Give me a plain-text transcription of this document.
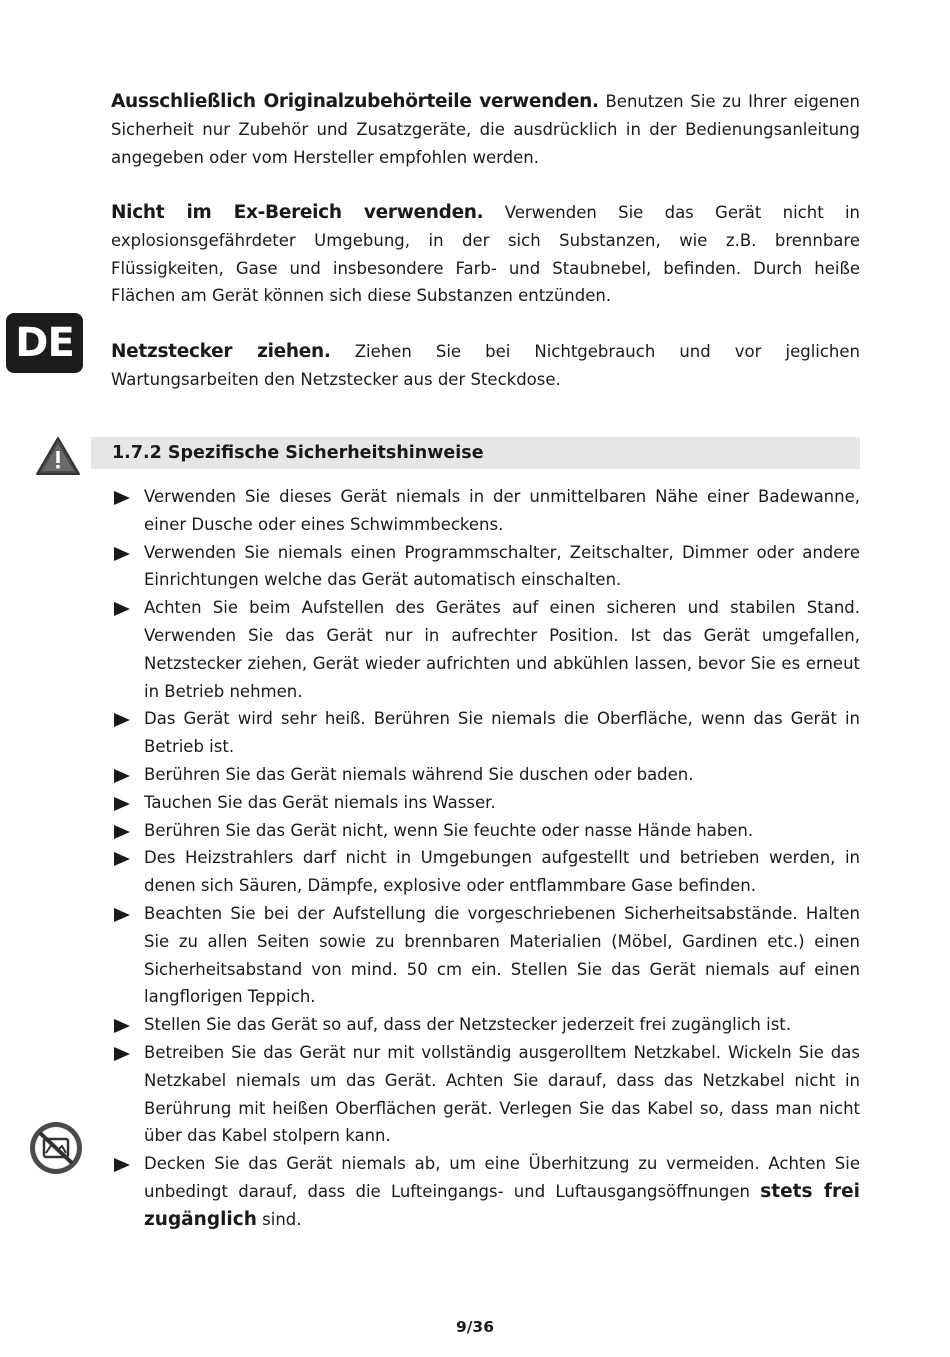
Ausschließlich Originalzubehörteile verwenden. Benutzen Sie zu Ihrer eigenen Sicherheit nur Zubehör und Zusatzgeräte, die ausdrücklich in der Bedienungsanleitung angegeben oder vom Hersteller empfohlen werden.

Nicht im Ex-Bereich verwenden. Verwenden Sie das Gerät nicht in explosionsgefährdeter Umgebung, in der sich Substanzen, wie z.B. brennbare Flüssigkeiten, Gase und insbesondere Farb- und Staubnebel, befinden. Durch heiße Flächen am Gerät können sich diese Substanzen entzünden.

DE	Netzstecker ziehen. Ziehen Sie bei Nichtgebrauch und vor jeglichen Wartungsarbeiten den Netzstecker aus der Steckdose.

1.7.2 Spezifische Sicherheitshinweise
Verwenden Sie dieses Gerät niemals in der unmittelbaren Nähe einer Badewanne, einer Dusche oder eines Schwimmbeckens.
Verwenden Sie niemals einen Programmschalter, Zeitschalter, Dimmer oder andere Einrichtungen welche das Gerät automatisch einschalten.
Achten Sie beim Aufstellen des Gerätes auf einen sicheren und stabilen Stand. Verwenden Sie das Gerät nur in aufrechter Position. Ist das Gerät umgefallen, Netzstecker ziehen, Gerät wieder aufrichten und abkühlen lassen, bevor Sie es erneut in Betrieb nehmen.
Das Gerät wird sehr heiß. Berühren Sie niemals die Oberfläche, wenn das Gerät in Betrieb ist.
Berühren Sie das Gerät niemals während Sie duschen oder baden.
Tauchen Sie das Gerät niemals ins Wasser.
Berühren Sie das Gerät nicht, wenn Sie feuchte oder nasse Hände haben.
Des Heizstrahlers darf nicht in Umgebungen aufgestellt und betrieben werden, in denen sich Säuren, Dämpfe, explosive oder entflammbare Gase befinden.
Beachten Sie bei der Aufstellung die vorgeschriebenen Sicherheitsabstände. Halten Sie zu allen Seiten sowie zu brennbaren Materialien (Möbel, Gardinen etc.) einen Sicherheitsabstand von mind. 50 cm ein. Stellen Sie das Gerät niemals auf einen langflorigen Teppich.
Stellen Sie das Gerät so auf, dass der Netzstecker jederzeit frei zugänglich ist.
Betreiben Sie das Gerät nur mit vollständig ausgerolltem Netzkabel. Wickeln Sie das Netzkabel niemals um das Gerät. Achten Sie darauf, dass das Netzkabel nicht in Berührung mit heißen Oberflächen gerät. Verlegen Sie das Kabel so, dass man nicht über das Kabel stolpern kann.
Decken Sie das Gerät niemals ab, um eine Überhitzung zu vermeiden. Achten Sie unbedingt darauf, dass die Lufteingangs- und Luftausgangsöffnungen stets frei zugänglich sind.
9/36
